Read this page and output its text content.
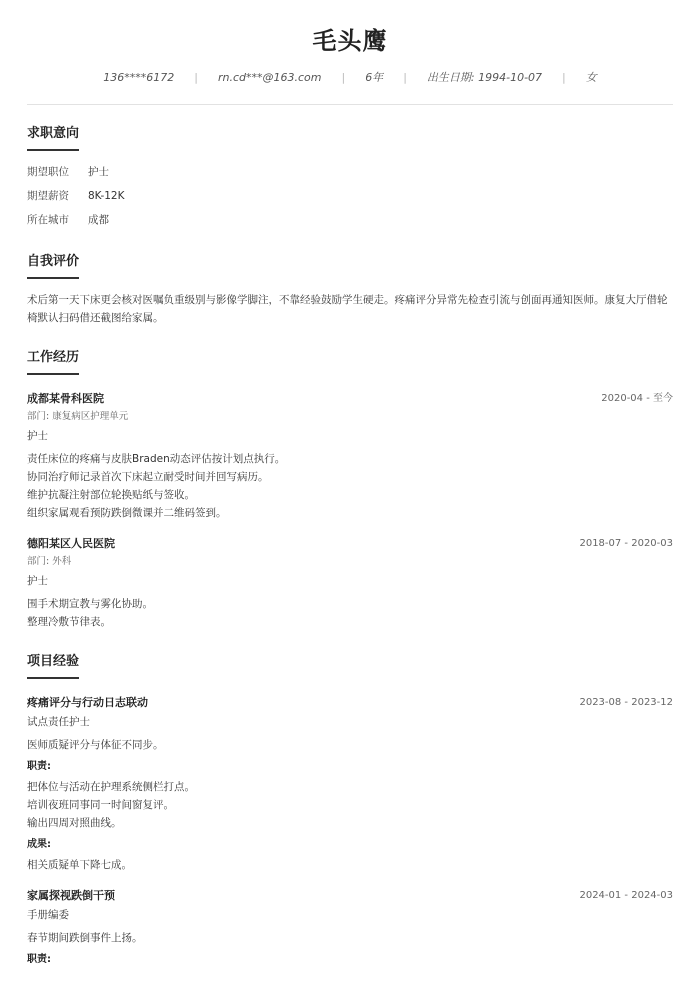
毛头鹰
136****6172 | rn.cd***@163.com | 6年 | 出生日期: 1994-10-07 | 女
求职意向
期望职位	护士
期望薪资	8K-12K
所在城市	成都
自我评价
术后第一天下床更会核对医嘱负重级别与影像学脚注，不靠经验鼓励学生硬走。疼痛评分异常先检查引流与创面再通知医师。康复大厅借轮椅默认扫码借还截图给家属。
工作经历
成都某骨科医院	2020-04 - 至今
部门: 康复病区护理单元
护士
责任床位的疼痛与皮肤Braden动态评估按计划点执行。
协同治疗师记录首次下床起立耐受时间并回写病历。
维护抗凝注射部位轮换贴纸与签收。
组织家属观看预防跌倒微课并二维码签到。
德阳某区人民医院	2018-07 - 2020-03
部门: 外科
护士
围手术期宣教与雾化协助。
整理冷敷节律表。
项目经验
疼痛评分与行动日志联动	2023-08 - 2023-12
试点责任护士
医师质疑评分与体征不同步。
职责:
把体位与活动在护理系统侧栏打点。
培训夜班同事同一时间窗复评。
输出四周对照曲线。
成果:
相关质疑单下降七成。
家属探视跌倒干预	2024-01 - 2024-03
手册编委
春节期间跌倒事件上扬。
职责:
